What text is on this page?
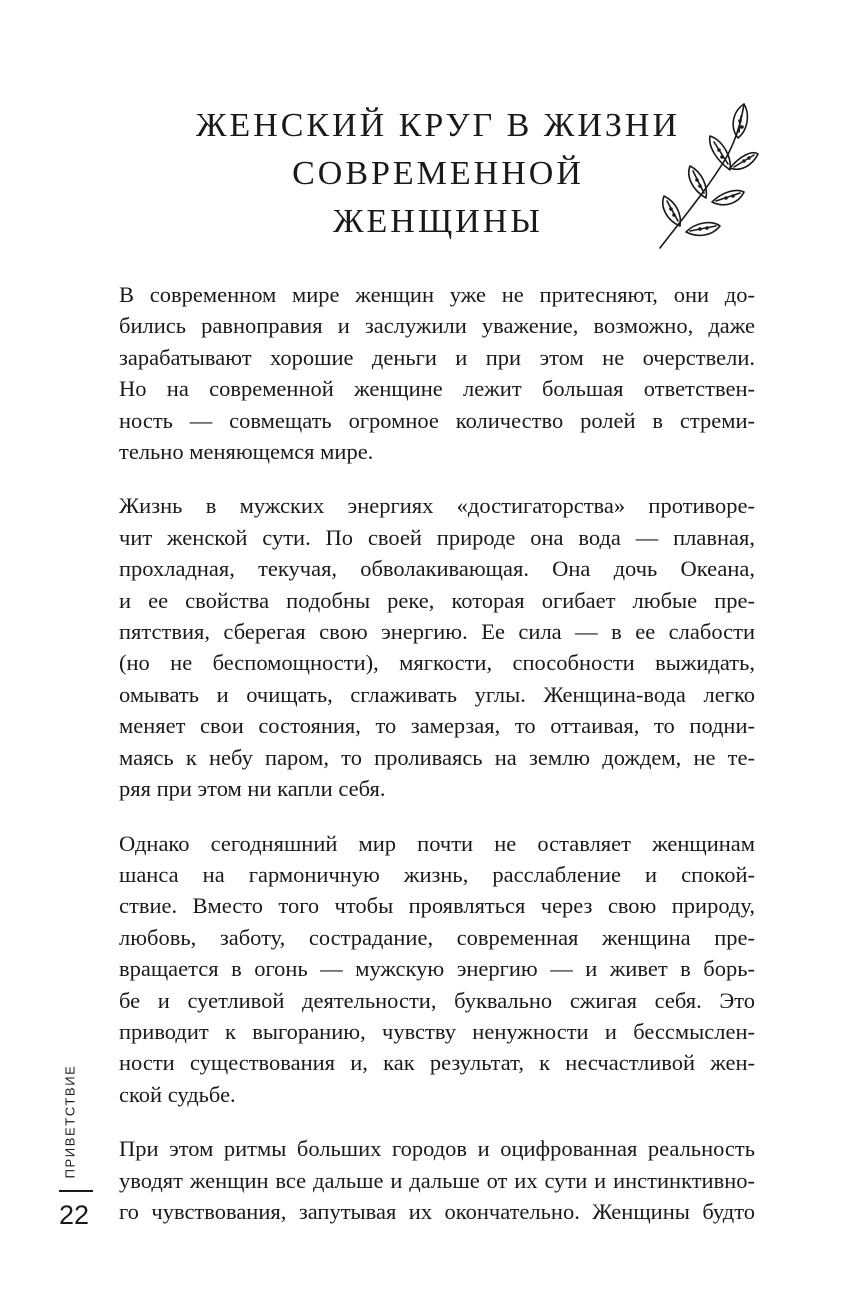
ЖЕНСКИЙ КРУГ В ЖИЗНИ
СОВРЕМЕННОЙ
ЖЕНЩИНЫ

В современном мире женщин уже не притесняют, они до-
бились равноправия и заслужили уважение, возможно, даже
зарабатывают хорошие деньги и при этом не очерствели.
Но на современной женщине лежит большая ответствен-
ность — совмещать огромное количество ролей в стреми-
тельно меняющемся мире.

Жизнь в мужских энергиях «достигаторства» противоре-
чит женской сути. По своей природе она вода — плавная,
прохладная, текучая, обволакивающая. Она дочь Океана,
и ее свойства подобны реке, которая огибает любые пре-
пятствия, сберегая свою энергию. Ее сила — в ее слабости
(но не беспомощности), мягкости, способности выжидать,
омывать и очищать, сглаживать углы. Женщина-вода легко
меняет свои состояния, то замерзая, то оттаивая, то подни-
маясь к небу паром, то проливаясь на землю дождем, не те-
ряя при этом ни капли себя.

Однако сегодняшний мир почти не оставляет женщинам
шанса на гармоничную жизнь, расслабление и спокой-
ствие. Вместо того чтобы проявляться через свою природу,
любовь, заботу, сострадание, современная женщина пре-
вращается в огонь — мужскую энергию — и живет в борь-
бе и суетливой деятельности, буквально сжигая себя. Это
приводит к выгоранию, чувству ненужности и бессмыслен-
ности существования и, как результат, к несчастливой жен-
ской судьбе.

При этом ритмы больших городов и оцифрованная реальность
уводят женщин все дальше и дальше от их сути и инстинктивно-
го чувствования, запутывая их окончательно. Женщины будто

ПРИВЕТСТВИЕ
22
